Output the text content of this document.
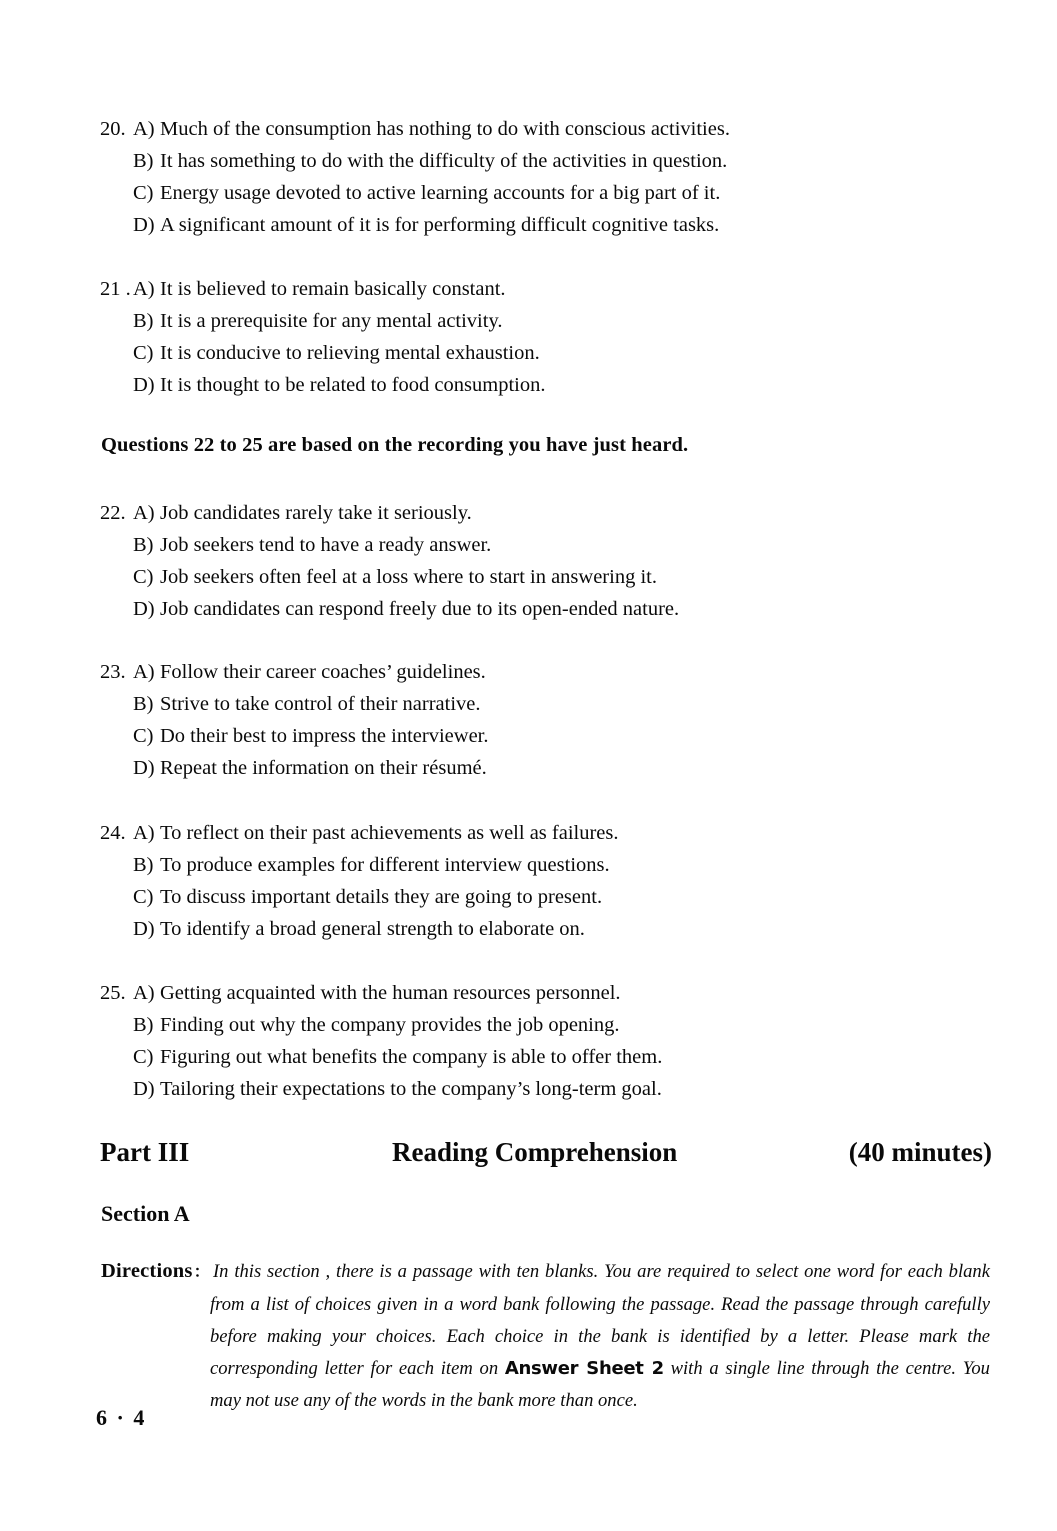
20. A) Much of the consumption has nothing to do with conscious activities.
B) It has something to do with the difficulty of the activities in question.
C) Energy usage devoted to active learning accounts for a big part of it.
D) A significant amount of it is for performing difficult cognitive tasks.
21 . A) It is believed to remain basically constant.
B) It is a prerequisite for any mental activity.
C) It is conducive to relieving mental exhaustion.
D) It is thought to be related to food consumption.
Questions 22 to 25 are based on the recording you have just heard.
22. A) Job candidates rarely take it seriously.
B) Job seekers tend to have a ready answer.
C) Job seekers often feel at a loss where to start in answering it.
D) Job candidates can respond freely due to its open-ended nature.
23. A) Follow their career coaches’ guidelines.
B) Strive to take control of their narrative.
C) Do their best to impress the interviewer.
D) Repeat the information on their résumé.
24. A) To reflect on their past achievements as well as failures.
B) To produce examples for different interview questions.
C) To discuss important details they are going to present.
D) To identify a broad general strength to elaborate on.
25. A) Getting acquainted with the human resources personnel.
B) Finding out why the company provides the job opening.
C) Figuring out what benefits the company is able to offer them.
D) Tailoring their expectations to the company’s long-term goal.
Part III	Reading Comprehension	(40 minutes)
Section A

Directions： In this section , there is a passage with ten blanks. You are required to select one word for each blank from a list of choices given in a word bank following the passage. Read the passage through carefully before making your choices. Each choice in the bank is identified by a letter. Please mark the corresponding letter for each item on Answer Sheet 2 with a single line through the centre. You may not use any of the words in the bank more than once.

6 · 4
